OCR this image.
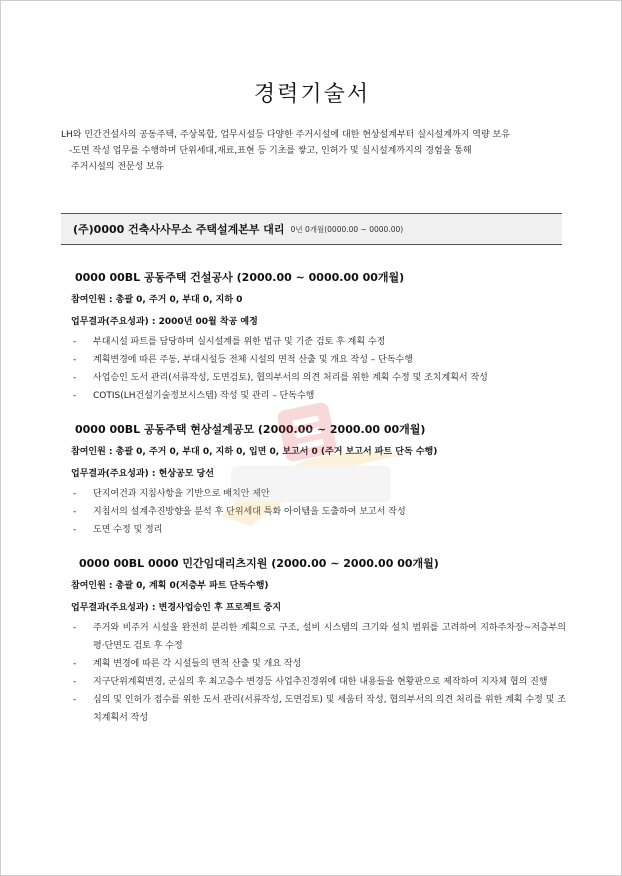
경력기술서
LH와 민간건설사의 공동주택, 주상복합, 업무시설등 다양한 주거시설에 대한 현상설계부터 실시설계까지 역량 보유
-도면 작성 업무를 수행하며 단위세대,재료,표현 등 기초를 쌓고, 인허가 및 실시설계까지의 경험을 통해
주거시설의 전문성 보유
(주)0000 건축사사무소 주택설계본부 대리 0년 0개월(0000.00 ~ 0000.00)
0000 00BL 공동주택 건설공사 (2000.00 ~ 0000.00 00개월)
참여인원 : 총괄 0, 주거 0, 부대 0, 지하 0
업무결과(주요성과) : 2000년 00월 착공 예정
- 부대시설 파트를 담당하며 실시설계를 위한 법규 및 기준 검토 후 계획 수정
- 계획변경에 따른 주동, 부대시설등 전체 시설의 면적 산출 및 개요 작성 – 단독수행
- 사업승인 도서 관리(서류작성, 도면검토), 협의부서의 의견 처리를 위한 계획 수정 및 조치계획서 작성
- COTIS(LH건설기술정보시스템) 작성 및 관리 – 단독수행
0000 00BL 공동주택 현상설계공모 (2000.00 ~ 2000.00 00개월)
참여인원 : 총괄 0, 주거 0, 부대 0, 지하 0, 입면 0, 보고서 0 (주거 보고서 파트 단독 수행)
업무결과(주요성과) : 현상공모 당선
- 단지여건과 지침사항을 기반으로 배치안 제안
- 지침서의 설계추진방향을 분석 후 단위세대 특화 아이템을 도출하여 보고서 작성
- 도면 수정 및 정리
0000 00BL 0000 민간임대리츠지원 (2000.00 ~ 2000.00 00개월)
참여인원 : 총괄 0, 계획 0(저층부 파트 단독수행)
업무결과(주요성과) : 변경사업승인 후 프로젝트 중지
- 주거와 비주거 시설을 완전히 분리한 계획으로 구조, 설비 시스템의 크기와 설치 범위를 고려하여 지하주차장~저층부의 평·단면도 검토 후 수정
- 계획 변경에 따른 각 시설들의 면적 산출 및 개요 작성
- 지구단위계획변경, 군심의 후 최고층수 변경등 사업추진경위에 대한 내용들을 현황판으로 제작하여 지자체 협의 진행
- 심의 및 인허가 접수를 위한 도서 관리(서류작성, 도면검토) 및 세움터 작성, 협의부서의 의견 처리를 위한 계획 수정 및 조치계획서 작성
